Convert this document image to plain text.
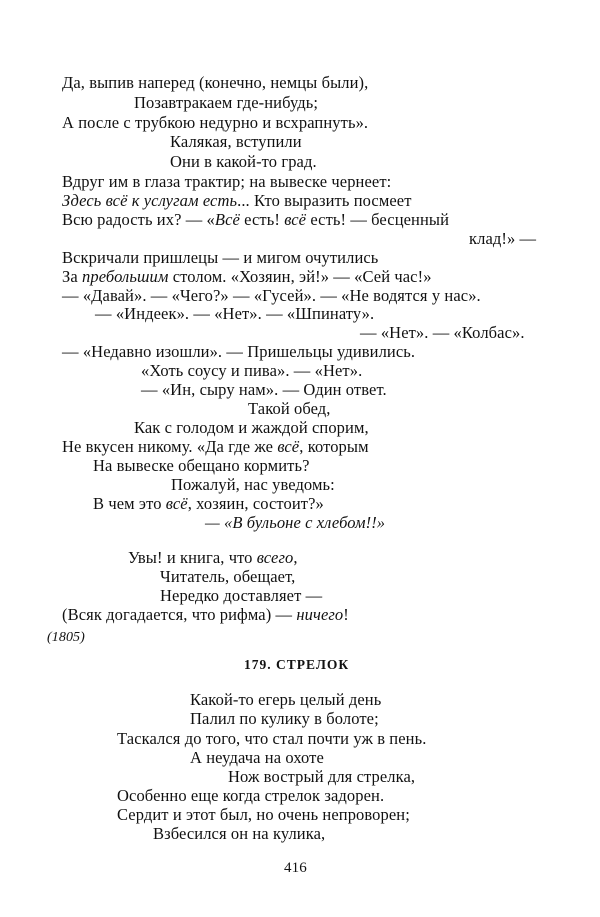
Да, выпив наперед (конечно, немцы были),
Позавтракаем где-нибудь;
А после с трубкою недурно и всхрапнуть».
Калякая, вступили
Они в какой-то град.
Вдруг им в глаза трактир; на вывеске чернеет:
Здесь всё к услугам есть... Кто выразить посмеет
Всю радость их? — «Всё есть! всё есть! — бесценный
клад!» —
Вскричали пришлецы — и мигом очутились
За пребольшим столом. «Хозяин, эй!» — «Сей час!»
— «Давай». — «Чего?» — «Гусей». — «Не водятся у нас».
— «Индеек». — «Нет». — «Шпинату».
— «Нет». — «Колбас».
— «Недавно изошли». — Пришельцы удивились.
«Хоть соусу и пива». — «Нет».
— «Ин, сыру нам». — Один ответ.
Такой обед,
Как с голодом и жаждой спорим,
Не вкусен никому. «Да где же всё, которым
На вывеске обещано кормить?
Пожалуй, нас уведомь:
В чем это всё, хозяин, состоит?»
— «В бульоне с хлебом!!»
Увы! и книга, что всего,
Читатель, обещает,
Нередко доставляет —
(Всяк догадается, что рифма) — ничего!
(1805)
179. СТРЕЛОК
Какой-то егерь целый день
Палил по кулику в болоте;
Таскался до того, что стал почти уж в пень.
А неудача на охоте
Нож вострый для стрелка,
Особенно еще когда стрелок задорен.
Сердит и этот был, но очень непроворен;
Взбесился он на кулика,
416
